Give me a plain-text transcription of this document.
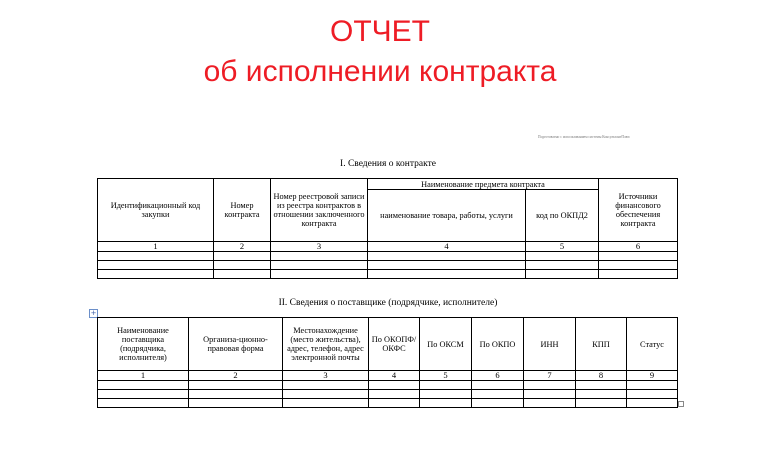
ОТЧЕТ
об исполнении контракта
Подготовлено с использованием системы КонсультантПлюс
I. Сведения о контракте
Идентификационный код закупки	Номер контракта	Номер реестровой записи из реестра контрактов в отношении заключенного контракта	Наименование предмета контракта		Источники финансового обеспечения контракта
			наименование товара, работы, услуги	код по ОКПД2	
1	2	3	4	5	6

II. Сведения о поставщике (подрядчике, исполнителе)
+
Наименование поставщика (подрядчика, исполнителя)	Организа-ционно-правовая форма	Местонахождение (место жительства), адрес, телефон, адрес электронной почты	По ОКОПФ/ ОКФС	По ОКСМ	По ОКПО	ИНН	КПП	Статус
1	2	3	4	5	6	7	8	9
